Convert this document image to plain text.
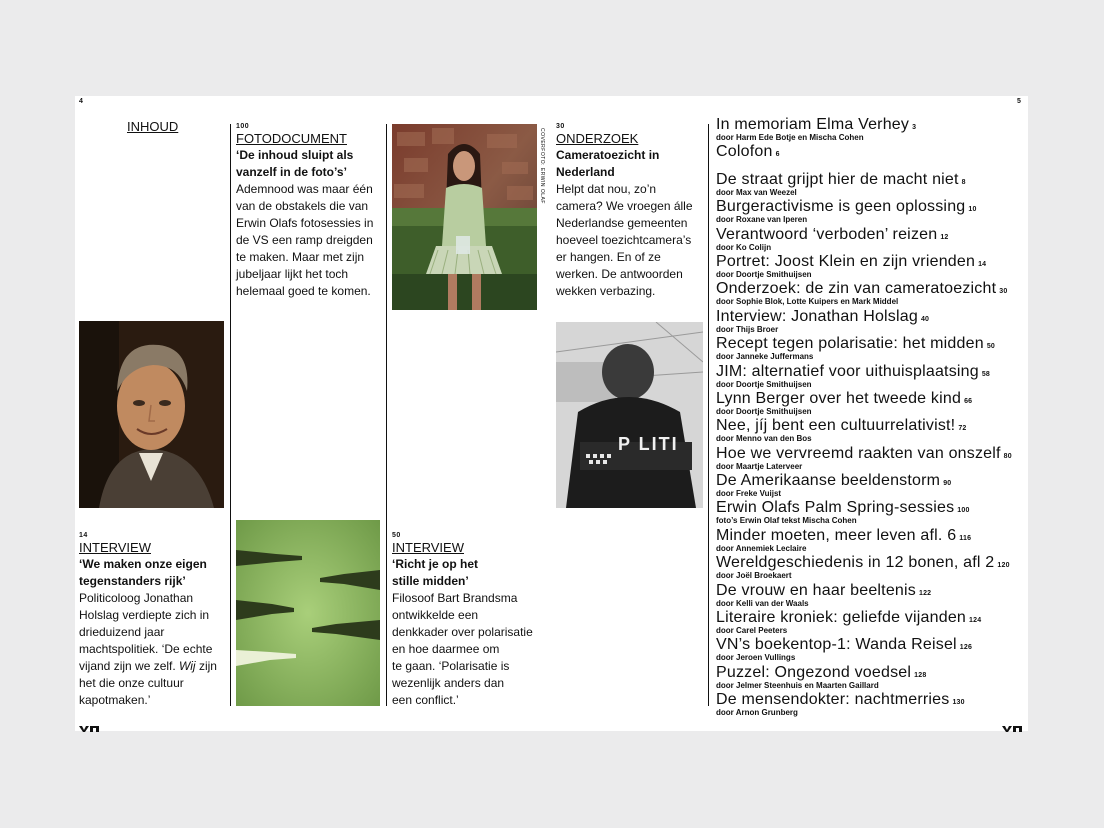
4	5
INHOUD	100
FOTODOCUMENT
‘De inhoud sluipt als
vanzelf in de foto’s’
Ademnood was maar één
van de obstakels die van
Erwin Olafs fotosessies in
de VS een ramp dreigden
te maken. Maar met zijn
jubeljaar lijkt het toch
helemaal goed te komen.
COVERFOTO: ERWIN OLAF
30
ONDERZOEK
Cameratoezicht in
Nederland
Helpt dat nou, zo’n
camera? We vroegen álle
Nederlandse gemeenten
hoeveel toezichtcamera’s
er hangen. En of ze
werken. De antwoorden
wekken verbazing.
P LITI
14
INTERVIEW
‘We maken onze eigen
tegenstanders rijk’
Politicoloog Jonathan
Holslag verdiepte zich in
drieduizend jaar
machtspolitiek. ‘De echte
vijand zijn we zelf. Wij zijn
het die onze cultuur
kapotmaken.’
50
INTERVIEW
‘Richt je op het
stille midden’
Filosoof Bart Brandsma
ontwikkelde een
denkkader over polarisatie
en hoe daarmee om
te gaan. ‘Polarisatie is
wezenlijk anders dan
een conflict.’
In memoriam Elma Verhey 3
door Harm Ede Botje en Mischa Cohen
Colofon 6
De straat grijpt hier de macht niet 8
door Max van Weezel
Burgeractivisme is geen oplossing 10
door Roxane van Iperen
Verantwoord ‘verboden’ reizen 12
door Ko Colijn
Portret: Joost Klein en zijn vrienden 14
door Doortje Smithuijsen
Onderzoek: de zin van cameratoezicht 30
door Sophie Blok, Lotte Kuipers en Mark Middel
Interview: Jonathan Holslag 40
door Thijs Broer
Recept tegen polarisatie: het midden 50
door Janneke Juffermans
JIM: alternatief voor uithuisplaatsing 58
door Doortje Smithuijsen
Lynn Berger over het tweede kind 66
door Doortje Smithuijsen
Nee, jíj bent een cultuurrelativist! 72
door Menno van den Bos
Hoe we vervreemd raakten van onszelf 80
door Maartje Laterveer
De Amerikaanse beeldenstorm 90
door Freke Vuijst
Erwin Olafs Palm Spring-sessies 100
foto’s Erwin Olaf tekst Mischa Cohen
Minder moeten, meer leven afl. 6 116
door Annemiek Leclaire
Wereldgeschiedenis in 12 bonen, afl 2 120
door Joël Broekaert
De vrouw en haar beeltenis 122
door Kelli van der Waals
Literaire kroniek: geliefde vijanden 124
door Carel Peeters
VN’s boekentop-1: Wanda Reisel 126
door Jeroen Vullings
Puzzel: Ongezond voedsel 128
door Jelmer Steenhuis en Maarten Gaillard
De mensendokter: nachtmerries 130
door Arnon Grunberg
